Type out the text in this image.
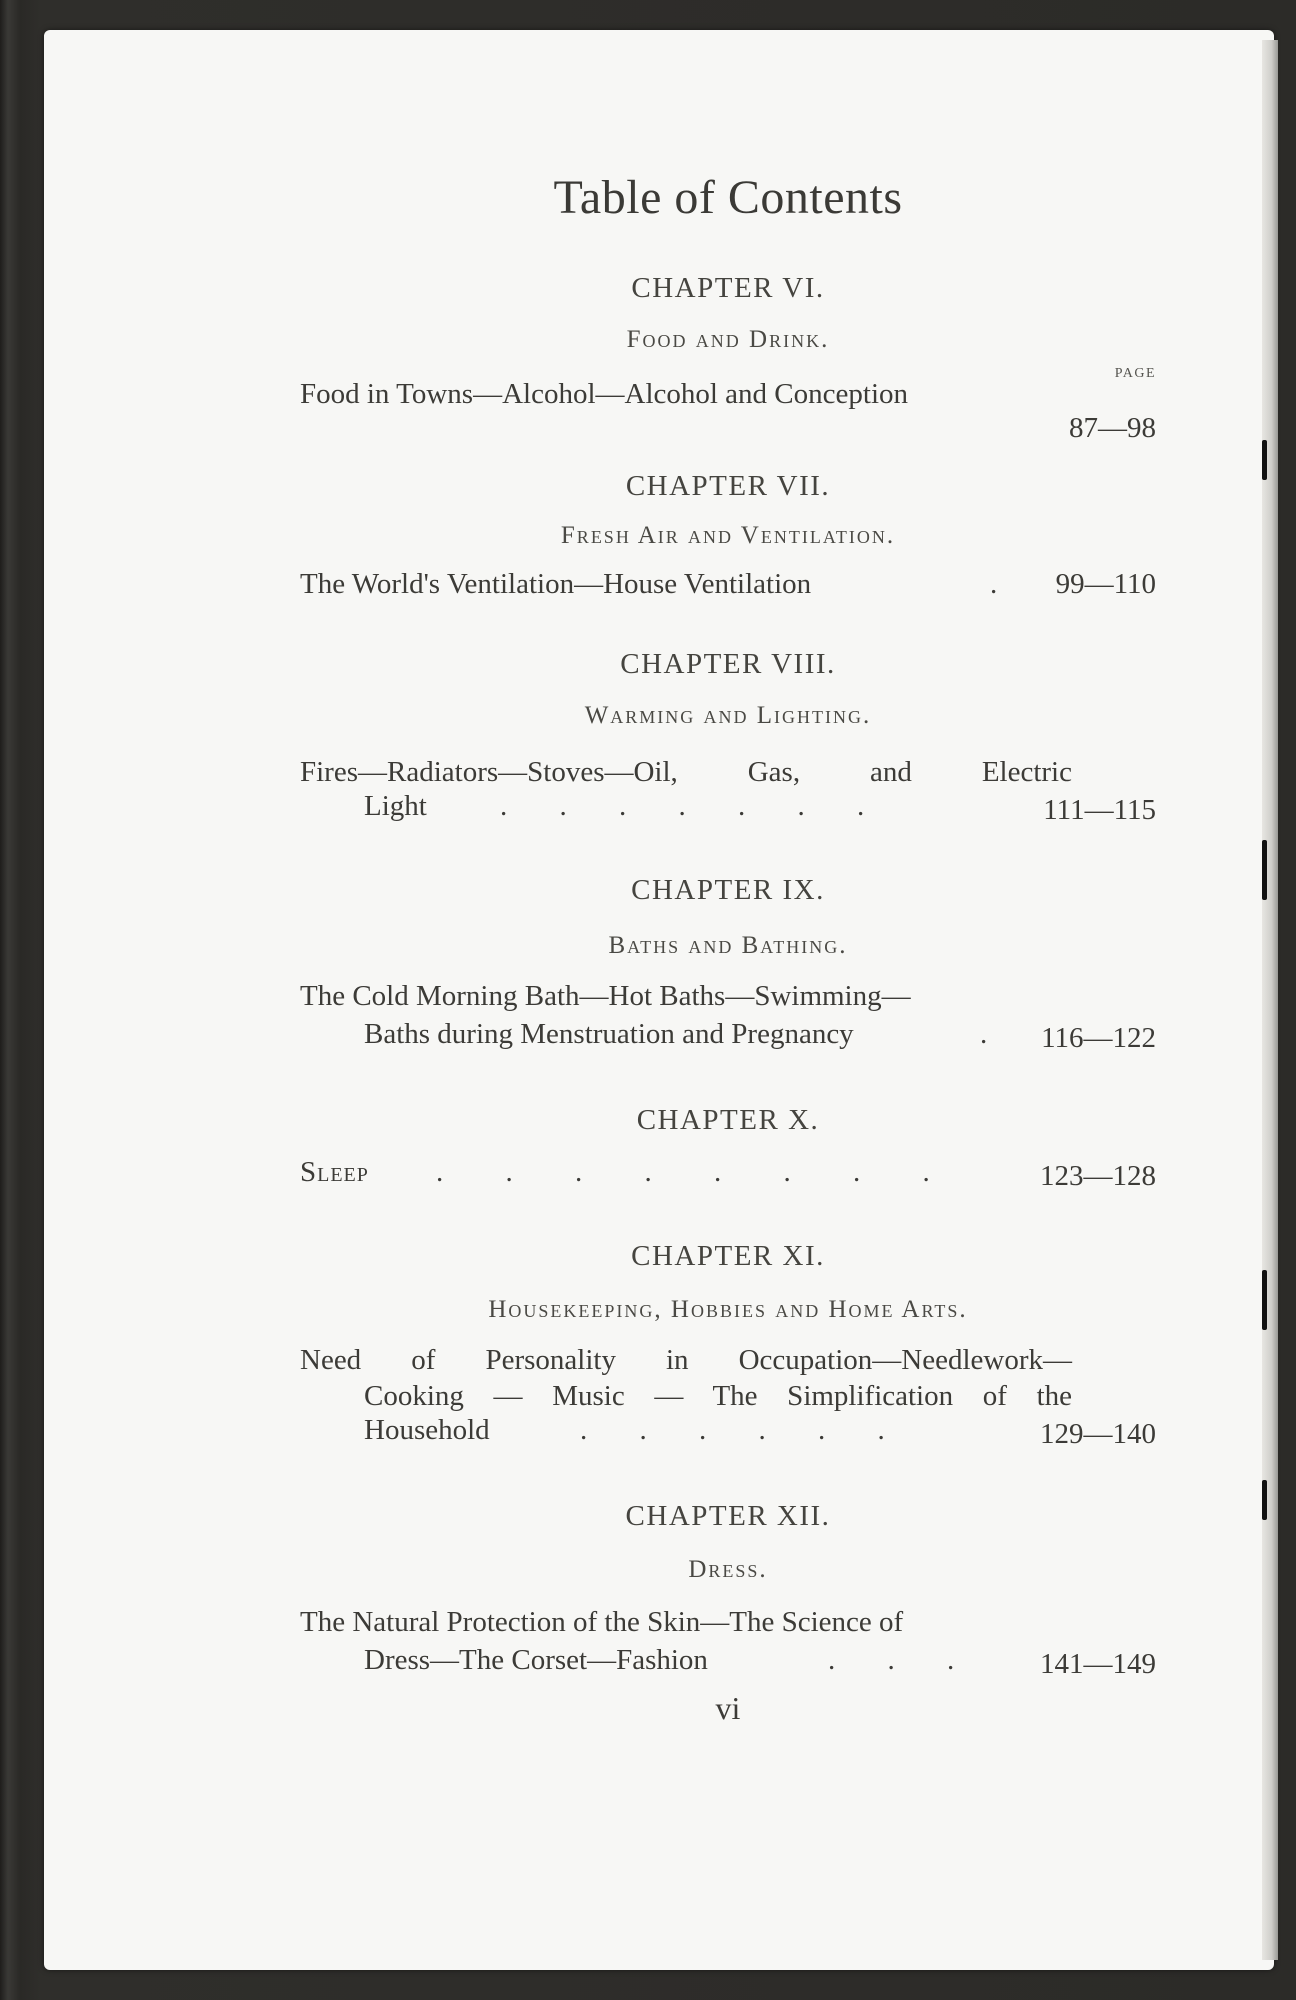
Table of Contents
CHAPTER VI.
Food and Drink.
PAGE
Food in Towns—Alcohol—Alcohol and Conception
87—98
CHAPTER VII.
Fresh Air and Ventilation.
The World's Ventilation—House Ventilation	. 99—110
CHAPTER VIII.
Warming and Lighting.
Fires—Radiators—Stoves—Oil, Gas, and Electric
Light	. . . . . . .	111—115
CHAPTER IX.
Baths and Bathing.
The Cold Morning Bath—Hot Baths—Swimming—
Baths during Menstruation and Pregnancy	. 116—122
CHAPTER X.
Sleep . . . . . . . .	123—128
CHAPTER XI.
Housekeeping, Hobbies and Home Arts.
Need of Personality in Occupation—Needlework—
Cooking — Music — The Simplification of the
Household	. . . . . .	129—140
CHAPTER XII.
Dress.
The Natural Protection of the Skin—The Science of
Dress—The Corset—Fashion	. . .	141—149
vi
